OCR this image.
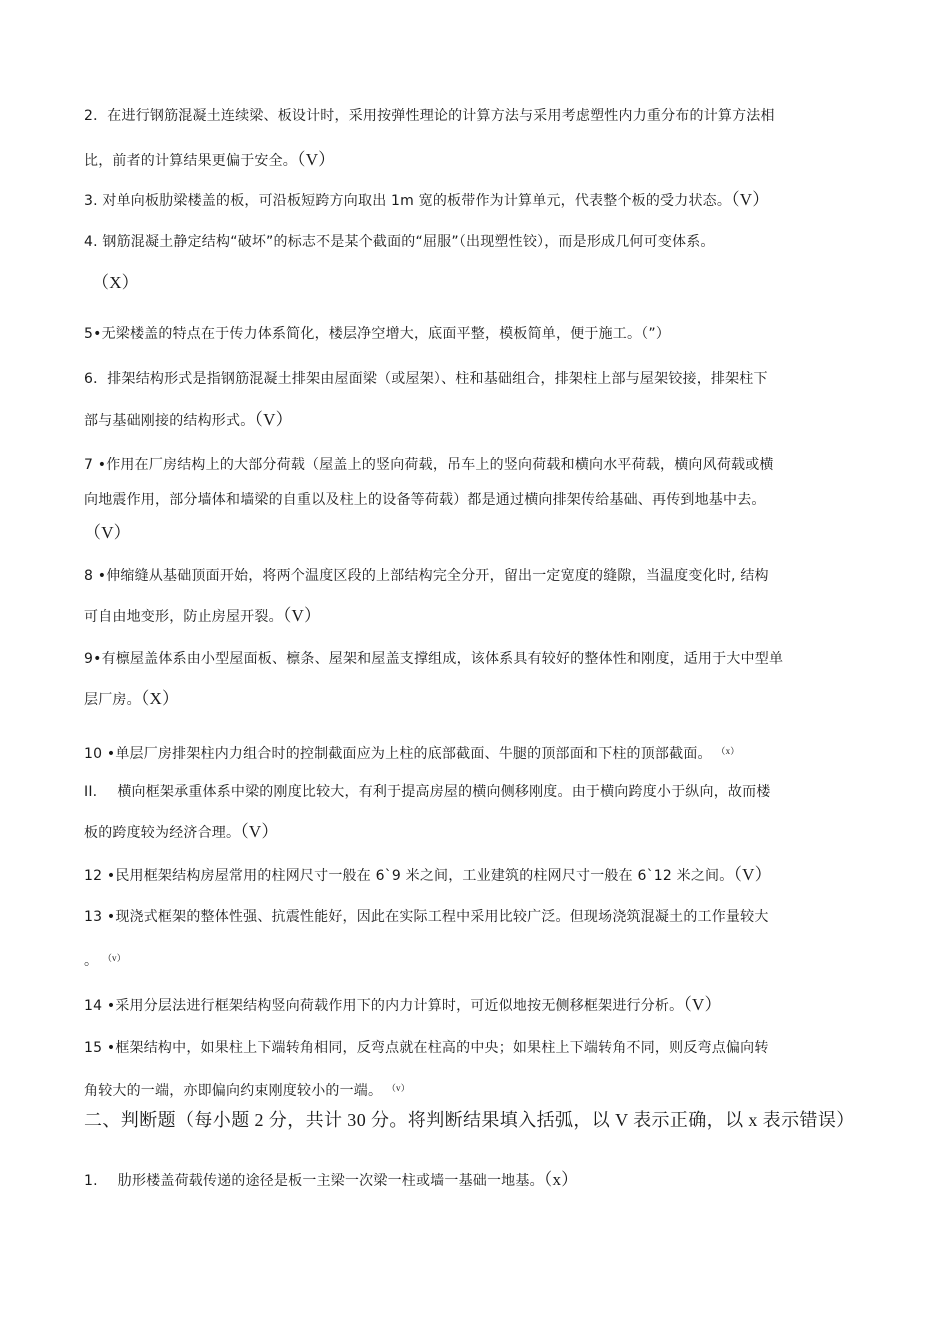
2．在进行钢筋混凝土连续梁、板设计时，采用按弹性理论的计算方法与采用考虑塑性内力重分布的计算方法相
比，前者的计算结果更偏于安全。（V）
3. 对单向板肋梁楼盖的板，可沿板短跨方向取出 1m 宽的板带作为计算单元，代表整个板的受力状态。（V）
4. 钢筋混凝土静定结构“破坏”的标志不是某个截面的“屈服”（出现塑性铰），而是形成几何可变体系。
（X）
5•无梁楼盖的特点在于传力体系简化，楼层净空增大，底面平整，模板简单，便于施工。（”）
6．排架结构形式是指钢筋混凝土排架由屋面梁（或屋架）、柱和基础组合，排架柱上部与屋架铰接，排架柱下
部与基础刚接的结构形式。（V）
7 •作用在厂房结构上的大部分荷载（屋盖上的竖向荷载，吊车上的竖向荷载和横向水平荷载，横向风荷载或横
向地震作用，部分墙体和墙梁的自重以及柱上的设备等荷载）都是通过横向排架传给基础、再传到地基中去。
（V）
8 •伸缩缝从基础顶面开始，将两个温度区段的上部结构完全分开，留出一定宽度的缝隙，当温度变化时, 结构
可自由地变形，防止房屋开裂。（V）
9•有檩屋盖体系由小型屋面板、檩条、屋架和屋盖支撑组成，该体系具有较好的整体性和刚度，适用于大中型单
层厂房。（X）
10 •单层厂房排架柱内力组合时的控制截面应为上柱的底部截面、牛腿的顶部面和下柱的顶部截面。 $^{(x)}$
II. 横向框架承重体系中梁的刚度比较大，有利于提高房屋的横向侧移刚度。由于横向跨度小于纵向，故而楼
板的跨度较为经济合理。（V）
12 •民用框架结构房屋常用的柱网尺寸一般在 6`9 米之间，工业建筑的柱网尺寸一般在 6`12 米之间。（V）
13 •现浇式框架的整体性强、抗震性能好，因此在实际工程中采用比较广泛。但现场浇筑混凝土的工作量较大
。 $^{(v)}$
14 •采用分层法进行框架结构竖向荷载作用下的内力计算时，可近似地按无侧移框架进行分析。（V）
15 •框架结构中，如果柱上下端转角相同，反弯点就在柱高的中央；如果柱上下端转角不同，则反弯点偏向转
角较大的一端，亦即偏向约束刚度较小的一端。 $^{(v)}$
二、判断题（每小题 2 分，共计 30 分。将判断结果填入括弧，以 V 表示正确，以 x 表示错误）
1. 肋形楼盖荷载传递的途径是板一主梁一次梁一柱或墙一基础一地基。（x）
